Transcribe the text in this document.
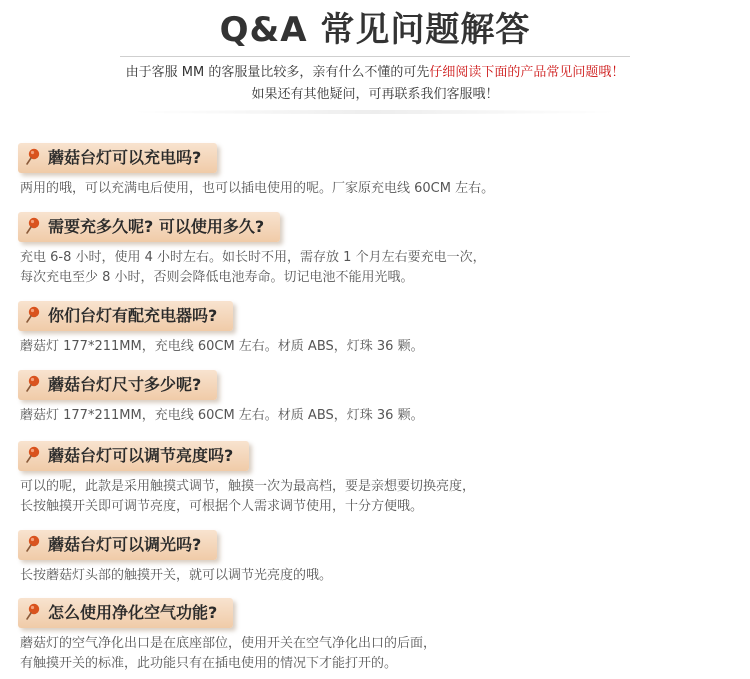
Q&A 常见问题解答
由于客服 MM 的客服量比较多，亲有什么不懂的可先仔细阅读下面的产品常见问题哦！
如果还有其他疑问，可再联系我们客服哦！
蘑菇台灯可以充电吗?
两用的哦，可以充满电后使用，也可以插电使用的呢。厂家原充电线 60CM 左右。
需要充多久呢? 可以使用多久?
充电 6-8 小时，使用 4 小时左右。如长时不用，需存放 1 个月左右要充电一次，
每次充电至少 8 小时，否则会降低电池寿命。切记电池不能用光哦。
你们台灯有配充电器吗?
蘑菇灯 177*211MM，充电线 60CM 左右。材质 ABS，灯珠 36 颗。
蘑菇台灯尺寸多少呢?
蘑菇灯 177*211MM，充电线 60CM 左右。材质 ABS，灯珠 36 颗。
蘑菇台灯可以调节亮度吗?
可以的呢，此款是采用触摸式调节，触摸一次为最高档，要是亲想要切换亮度，
长按触摸开关即可调节亮度，可根据个人需求调节使用，十分方便哦。
蘑菇台灯可以调光吗?
长按蘑菇灯头部的触摸开关，就可以调节光亮度的哦。
怎么使用净化空气功能?
蘑菇灯的空气净化出口是在底座部位，使用开关在空气净化出口的后面，
有触摸开关的标准，此功能只有在插电使用的情况下才能打开的。
